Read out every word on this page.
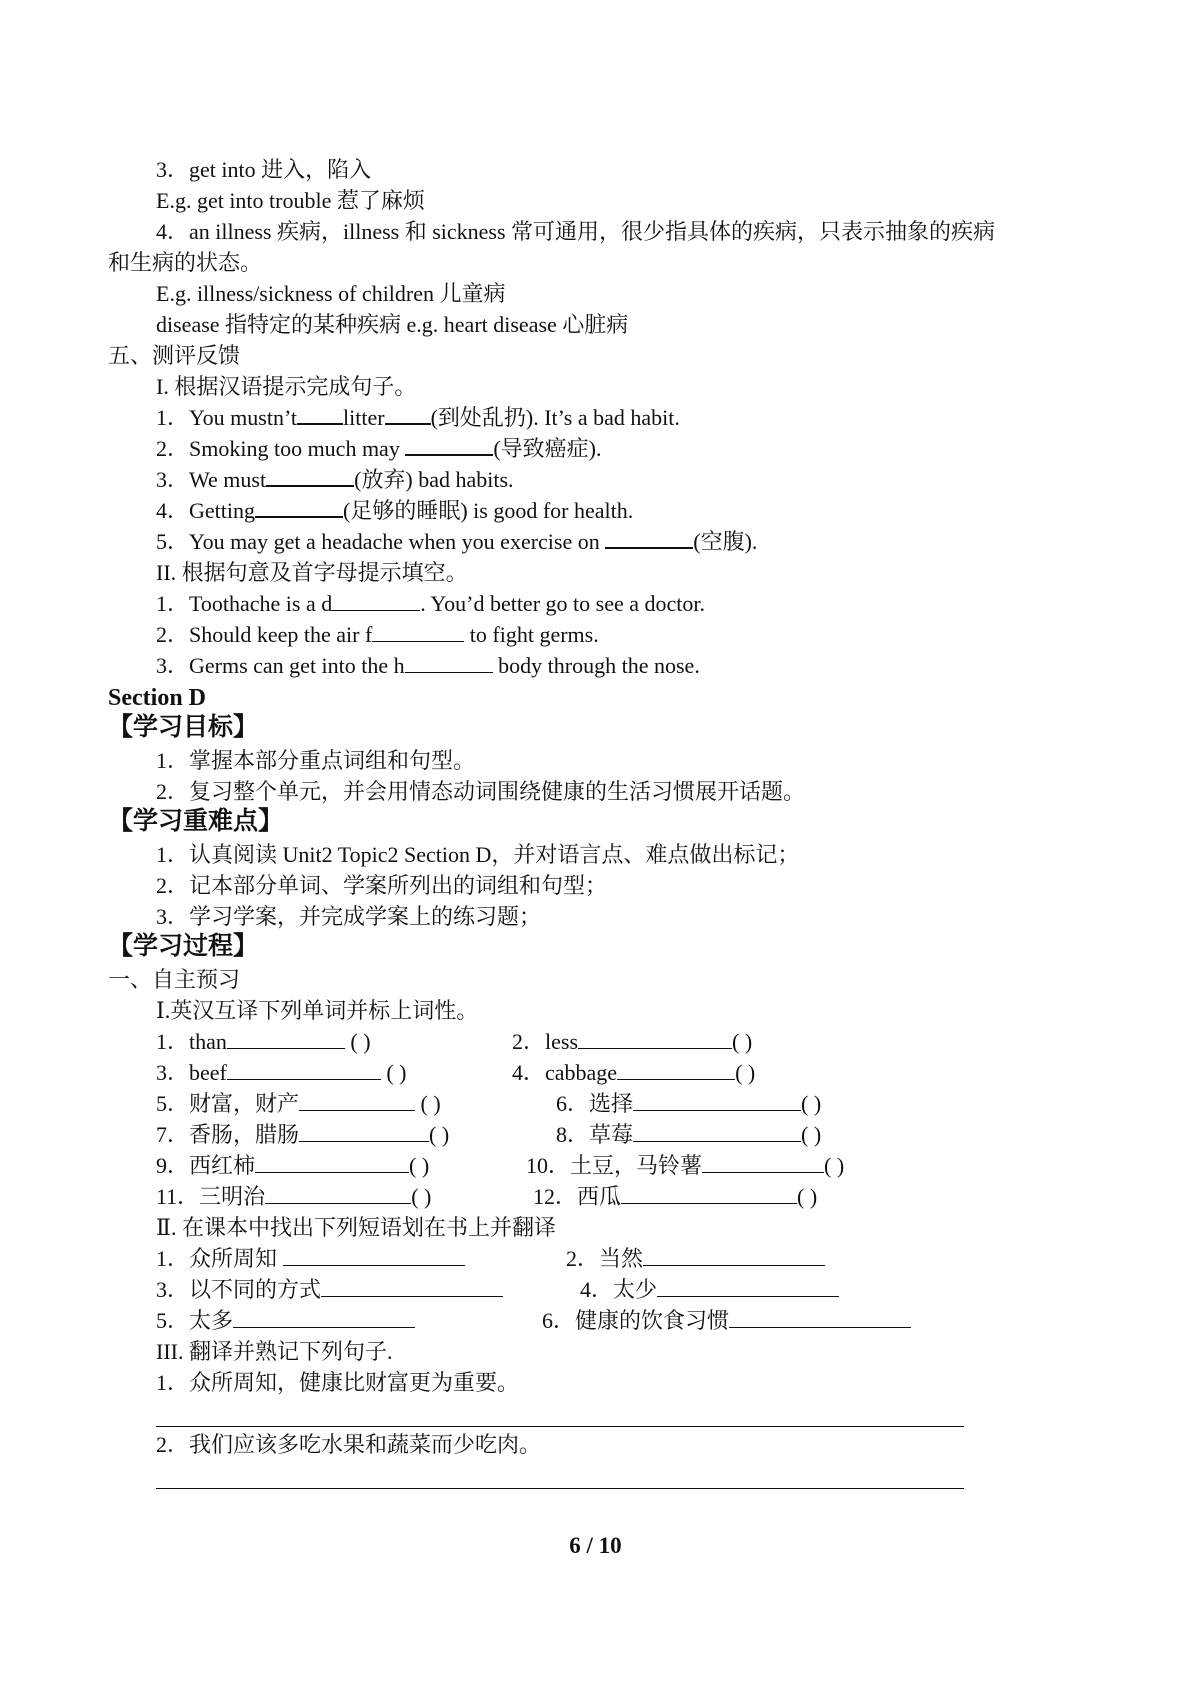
3．get into 进入，陷入
E.g. get into trouble 惹了麻烦
4．an illness 疾病，illness 和 sickness 常可通用，很少指具体的疾病，只表示抽象的疾病
和生病的状态。
E.g. illness/sickness of children 儿童病
disease 指特定的某种疾病 e.g. heart disease 心脏病
五、测评反馈
I. 根据汉语提示完成句子。
1．You mustn’t litter (到处乱扔). It’s a bad habit.
2．Smoking too much may	(导致癌症).
3．We must	(放弃) bad habits.
4．Getting	(足够的睡眠) is good for health.
5．You may get a headache when you exercise on	(空腹).
II. 根据句意及首字母提示填空。
1．Toothache is a d	. You’d better go to see a doctor.
2．Should keep the air f	to fight germs.
3．Germs can get into the h	body through the nose.
Section D
【学习目标】
1．掌握本部分重点词组和句型。
2．复习整个单元，并会用情态动词围绕健康的生活习惯展开话题。
【学习重难点】
1．认真阅读 Unit2 Topic2 Section D，并对语言点、难点做出标记；
2．记本部分单词、学案所列出的词组和句型；
3．学习学案，并完成学案上的练习题；
【学习过程】
一、自主预习
Ⅰ.英汉互译下列单词并标上词性。
1．than	( )	2．less	( )
3．beef	( )	4．cabbage	( )
5．财富，财产	( )	6．选择	( )
7．香肠，腊肠	( )	8．草莓	( )
9．西红柿	( )	10．土豆，马铃薯	( )
11．三明治	( )	12．西瓜	( )
Ⅱ. 在课本中找出下列短语划在书上并翻译
1．众所周知	2．当然
3．以不同的方式	4．太少
5．太多	6．健康的饮食习惯
III. 翻译并熟记下列句子.
1．众所周知，健康比财富更为重要。
2．我们应该多吃水果和蔬菜而少吃肉。
6 / 10
